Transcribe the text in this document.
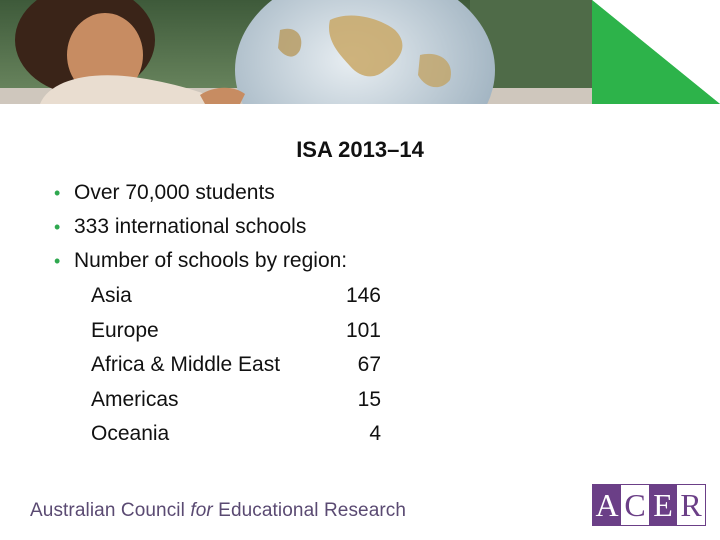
ISA 2013–14
• Over 70,000 students
• 333 international schools
• Number of schools by region:
Asia	146
Europe	101
Africa & Middle East	67
Americas	15
Oceania	4
Australian Council for Educational Research	A C E R
